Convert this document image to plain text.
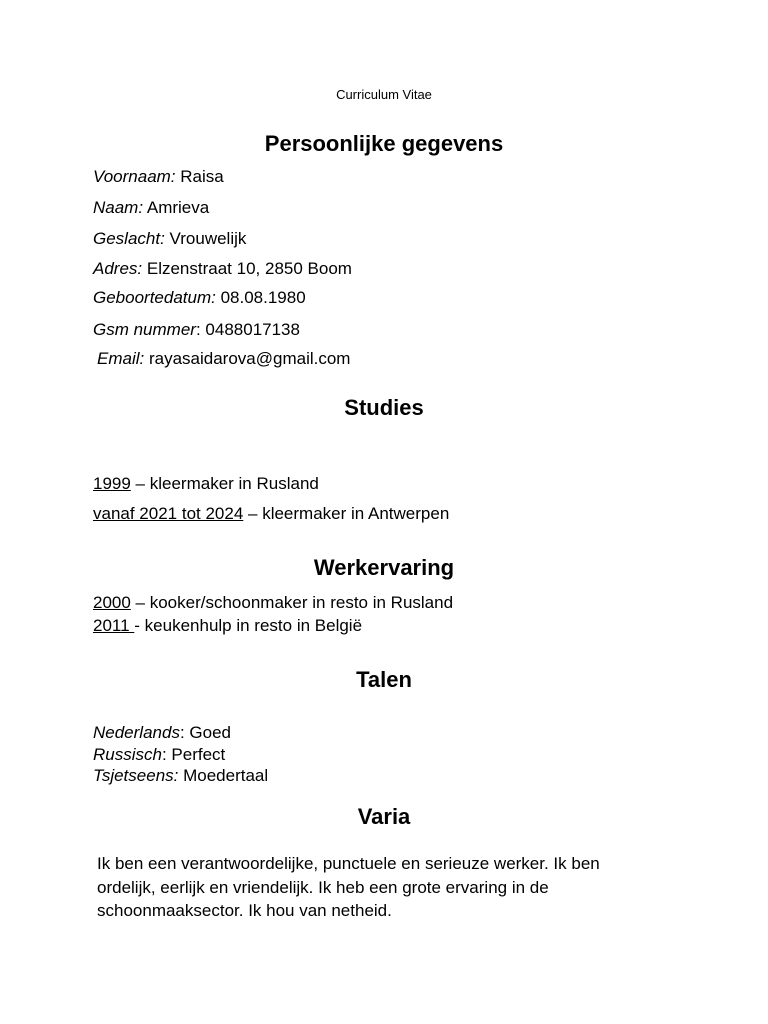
Curriculum Vitae
Persoonlijke gegevens
Voornaam: Raisa
Naam: Amrieva
Geslacht: Vrouwelijk
Adres: Elzenstraat 10, 2850 Boom
Geboortedatum: 08.08.1980
Gsm nummer: 0488017138
Email: rayasaidarova@gmail.com
Studies
1999 – kleermaker in Rusland
vanaf 2021 tot 2024 – kleermaker in Antwerpen
Werkervaring
2000 – kooker/schoonmaker in resto in Rusland
2011 - keukenhulp in resto in België
Talen
Nederlands: Goed
Russisch: Perfect
Tsjetseens: Moedertaal
Varia
Ik ben een verantwoordelijke, punctuele en serieuze werker. Ik ben ordelijk, eerlijk en vriendelijk. Ik heb een grote ervaring in de schoonmaaksector. Ik hou van netheid.
